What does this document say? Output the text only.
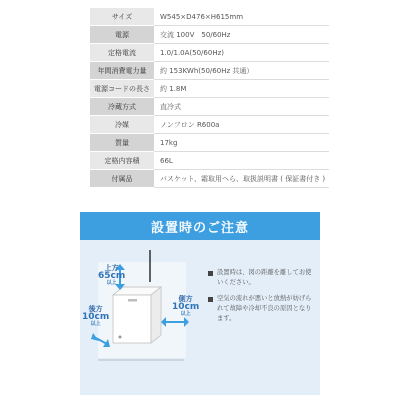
サイズ	W545×D476×H615mm
電源	交流 100V　50/60Hz
定格電流	1.0/1.0A(50/60Hz)
年間消費電力量	約 153KWh(50/60Hz 共通）
電源コードの長さ	約 1.8M
冷蔵方式	直冷式
冷媒	ノンフロン R600a
質量	17kg
定格内容積	66L
付属品	バスケット、霜取用へら、取扱説明書 ( 保証書付き )
設置時のご注意
上方
65cm
以上
側方
10cm
以上
後方
10cm
以上
設置時は、図の距離を離してお使いください。
空気の流れが悪いと放熱が妨げられて故障や冷却不良の原因となります。
